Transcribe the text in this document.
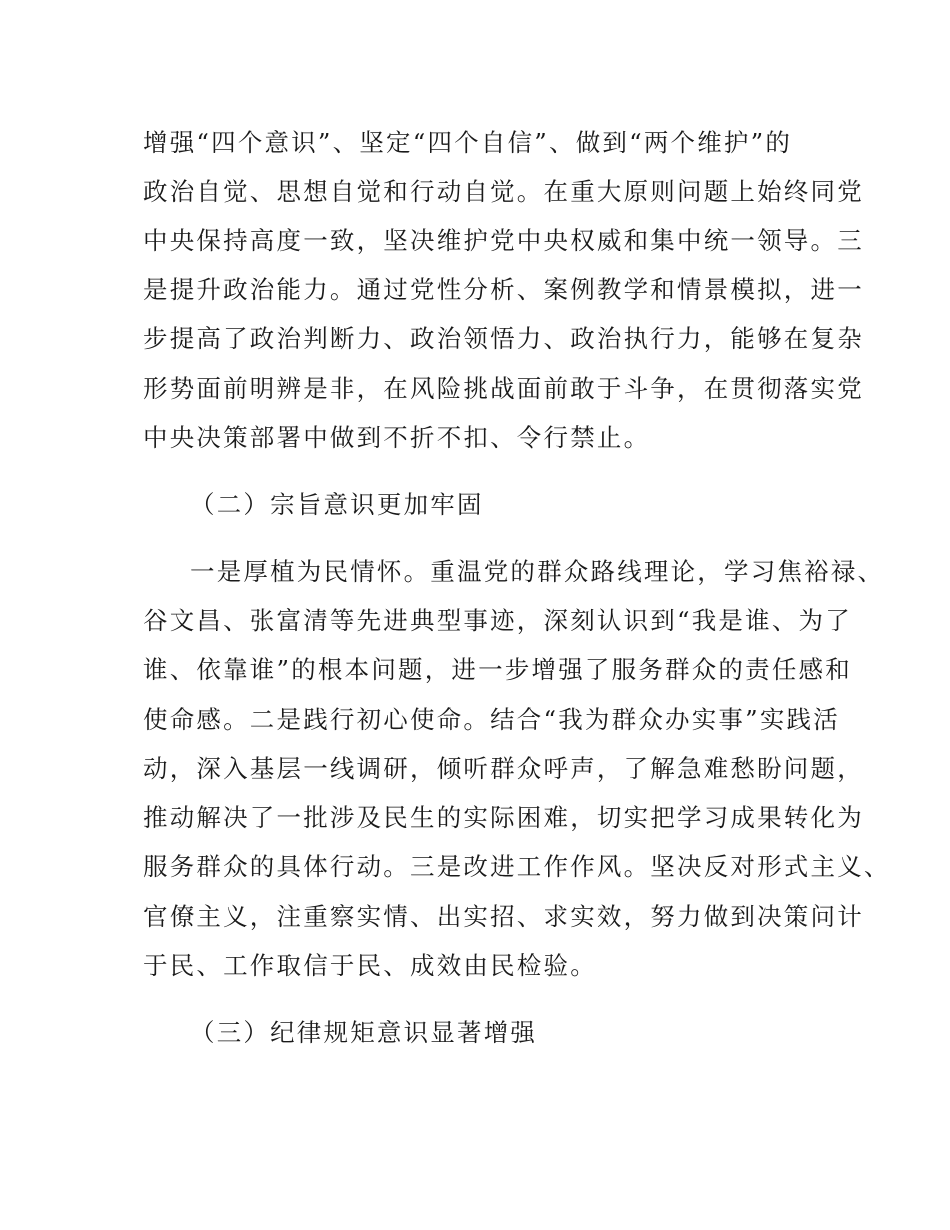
增强“四个意识”、坚定“四个自信”、做到“两个维护”的
政治自觉、思想自觉和行动自觉。在重大原则问题上始终同党
中央保持高度一致，坚决维护党中央权威和集中统一领导。三
是提升政治能力。通过党性分析、案例教学和情景模拟，进一
步提高了政治判断力、政治领悟力、政治执行力，能够在复杂
形势面前明辨是非，在风险挑战面前敢于斗争，在贯彻落实党
中央决策部署中做到不折不扣、令行禁止。
（二）宗旨意识更加牢固
一是厚植为民情怀。重温党的群众路线理论，学习焦裕禄、
谷文昌、张富清等先进典型事迹，深刻认识到“我是谁、为了
谁、依靠谁”的根本问题，进一步增强了服务群众的责任感和
使命感。二是践行初心使命。结合“我为群众办实事”实践活
动，深入基层一线调研，倾听群众呼声，了解急难愁盼问题，
推动解决了一批涉及民生的实际困难，切实把学习成果转化为
服务群众的具体行动。三是改进工作作风。坚决反对形式主义、
官僚主义，注重察实情、出实招、求实效，努力做到决策问计
于民、工作取信于民、成效由民检验。
（三）纪律规矩意识显著增强
